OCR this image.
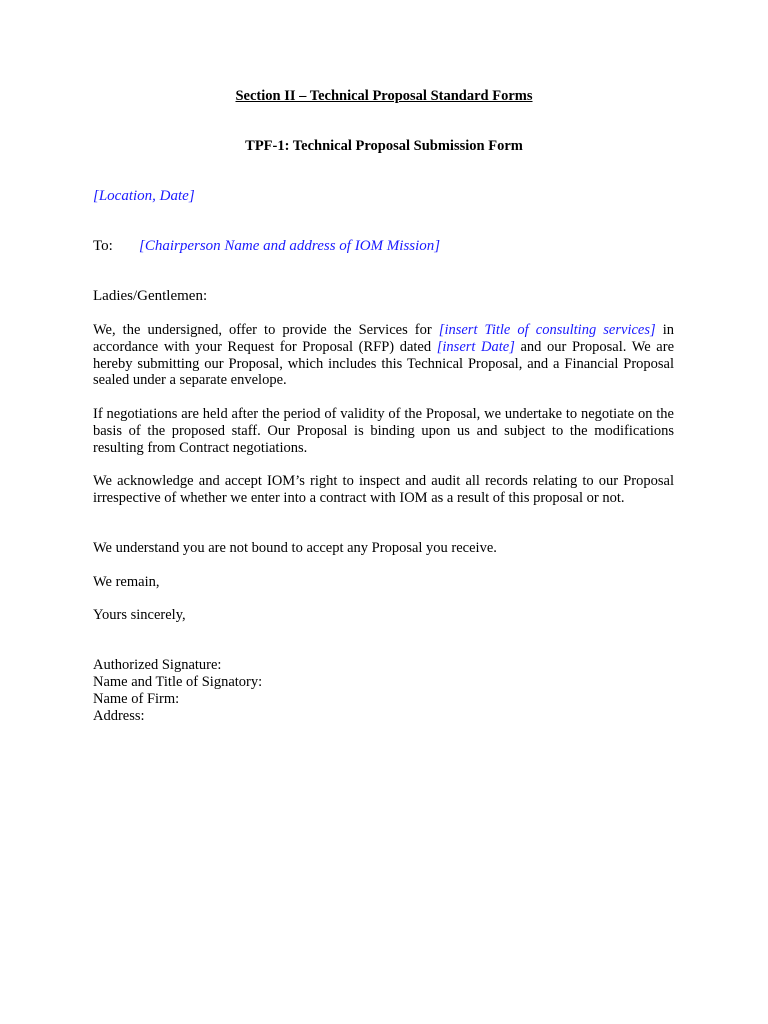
Section II – Technical Proposal Standard Forms
TPF-1: Technical Proposal Submission Form
[Location, Date]
To: [Chairperson Name and address of IOM Mission]
Ladies/Gentlemen:
We, the undersigned, offer to provide the Services for [insert Title of consulting services] in accordance with your Request for Proposal (RFP) dated [insert Date] and our Proposal. We are hereby submitting our Proposal, which includes this Technical Proposal, and a Financial Proposal sealed under a separate envelope.
If negotiations are held after the period of validity of the Proposal, we undertake to negotiate on the basis of the proposed staff. Our Proposal is binding upon us and subject to the modifications resulting from Contract negotiations.
We acknowledge and accept IOM’s right to inspect and audit all records relating to our Proposal irrespective of whether we enter into a contract with IOM as a result of this proposal or not.
We understand you are not bound to accept any Proposal you receive.
We remain,
Yours sincerely,
Authorized Signature:
Name and Title of Signatory:
Name of Firm:
Address:
